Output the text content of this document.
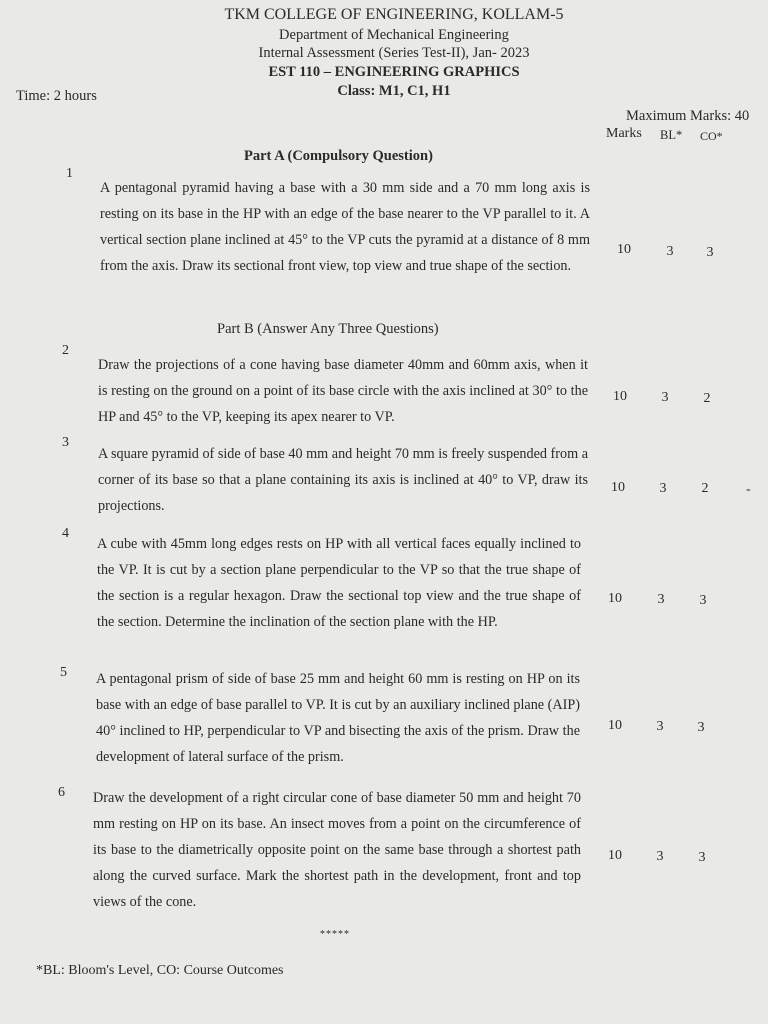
TKM COLLEGE OF ENGINEERING, KOLLAM-5
Department of Mechanical Engineering
Internal Assessment (Series Test-II), Jan- 2023
EST 110 – ENGINEERING GRAPHICS
Class: M1, C1, H1
Time: 2 hours
Maximum Marks: 40
Marks BL* CO*
Part A (Compulsory Question)
1
A pentagonal pyramid having a base with a 30 mm side and a 70 mm long axis is resting on its base in the HP with an edge of the base nearer to the VP parallel to it. A vertical section plane inclined at 45° to the VP cuts the pyramid at a distance of 8 mm from the axis. Draw its sectional front view, top view and true shape of the section.
10	3	3
Part B (Answer Any Three Questions)
2
Draw the projections of a cone having base diameter 40mm and 60mm axis, when it is resting on the ground on a point of its base circle with the axis inclined at 30° to the HP and 45° to the VP, keeping its apex nearer to VP.
10	3	2
3
A square pyramid of side of base 40 mm and height 70 mm is freely suspended from a corner of its base so that a plane containing its axis is inclined at 40° to VP, draw its projections.
10	3	2	-
4
A cube with 45mm long edges rests on HP with all vertical faces equally inclined to the VP. It is cut by a section plane perpendicular to the VP so that the true shape of the section is a regular hexagon. Draw the sectional top view and the true shape of the section. Determine the inclination of the section plane with the HP.
10	3	3
5 A pentagonal prism of side of base 25 mm and height 60 mm is resting on HP on its base with an edge of base parallel to VP. It is cut by an auxiliary inclined plane (AIP) 40° inclined to HP, perpendicular to VP and bisecting the axis of the prism. Draw the development of lateral surface of the prism.
10	3	3
6 Draw the development of a right circular cone of base diameter 50 mm and height 70 mm resting on HP on its base. An insect moves from a point on the circumference of its base to the diametrically opposite point on the same base through a shortest path along the curved surface. Mark the shortest path in the development, front and top views of the cone.
10	3	3
*****
*BL: Bloom's Level, CO: Course Outcomes
